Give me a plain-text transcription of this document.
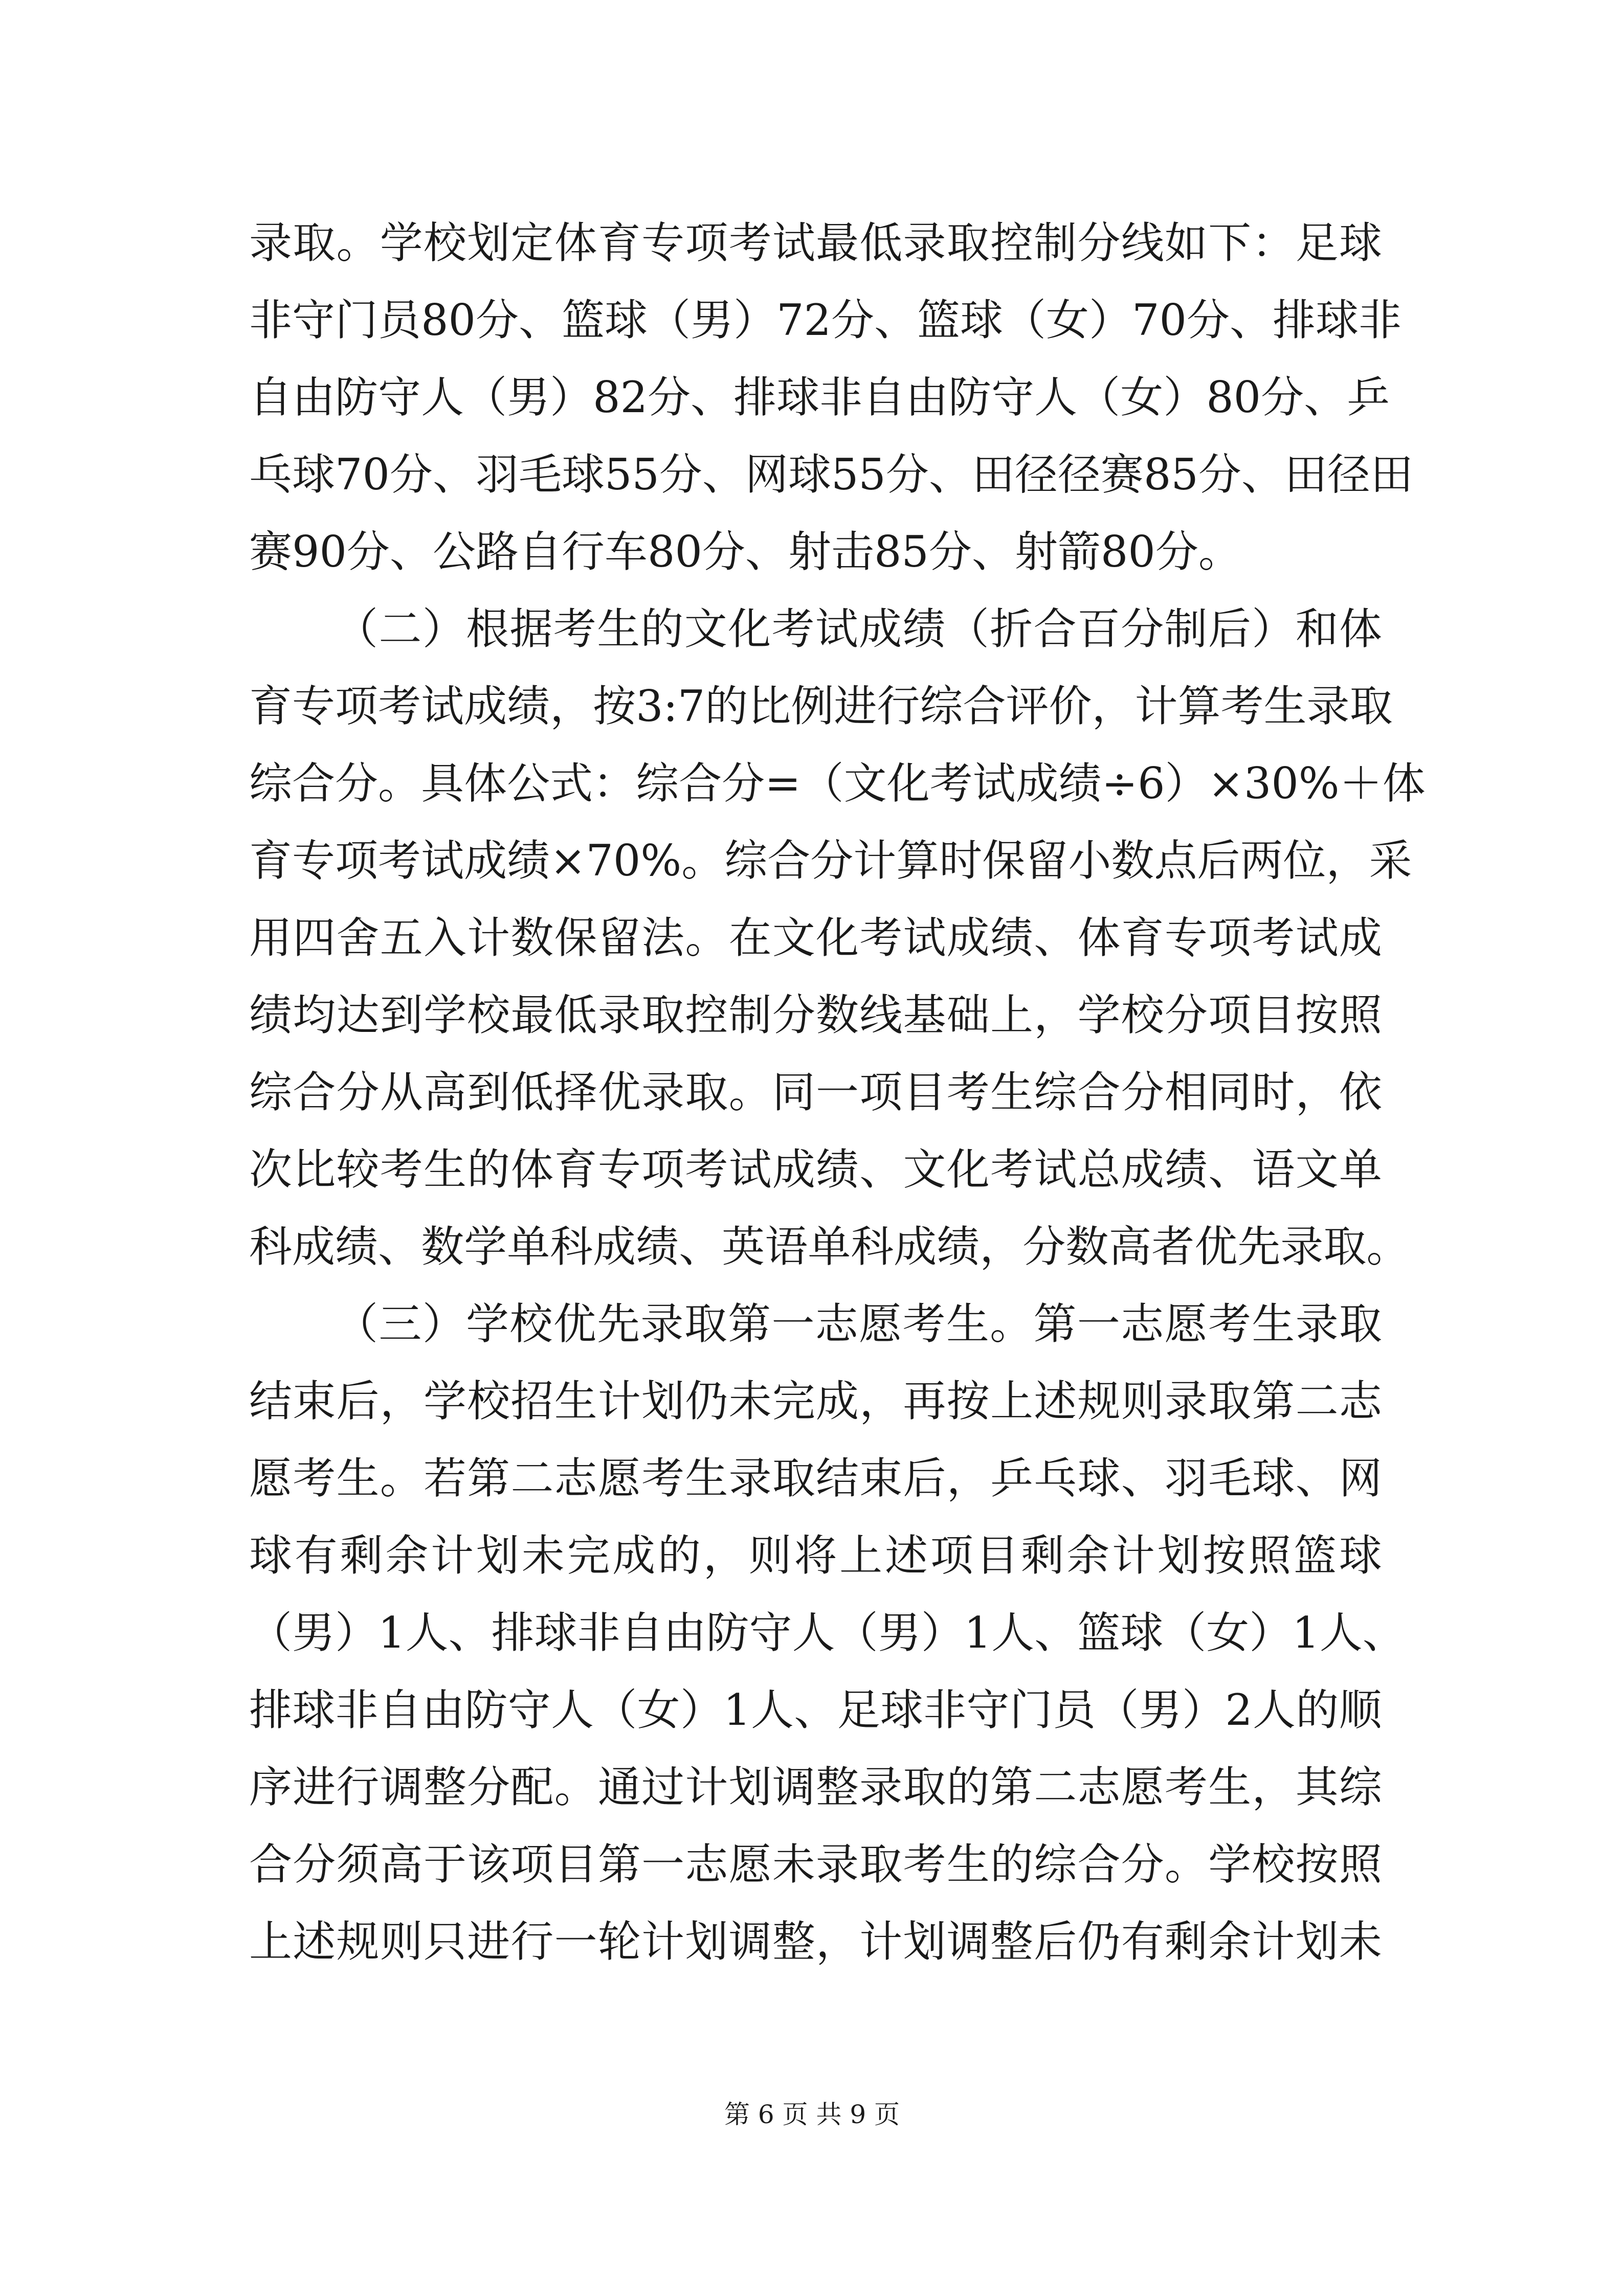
录 取 。 学 校 划 定 体 育 专 项 考 试 最 低 录 取 控 制 分 线 如 下 ： 足 球
非 守 门 员 80 分 、 篮 球 （ 男 ） 72 分 、 篮 球 （ 女 ） 70 分 、 排 球 非
自 由 防 守 人 （ 男 ） 82 分 、 排 球 非 自 由 防 守 人 （ 女 ） 80 分 、 乒
乓 球 70 分 、 羽 毛 球 55 分 、 网 球 55 分 、 田 径 径 赛 85 分 、 田 径 田
赛 90 分 、 公 路 自 行 车 80 分 、 射 击 85 分 、 射 箭 80 分 。
（ 二 ） 根 据 考 生 的 文 化 考 试 成 绩 （ 折 合 百 分 制 后 ） 和 体
育 专 项 考 试 成 绩 ， 按 3:7 的 比 例 进 行 综 合 评 价 ， 计 算 考 生 录 取
综 合 分 。 具 体 公 式 ： 综 合 分 = （ 文 化 考 试 成 绩 ÷6 ） ×30% ＋ 体
育 专 项 考 试 成 绩 ×70% 。 综 合 分 计 算 时 保 留 小 数 点 后 两 位 ， 采
用 四 舍 五 入 计 数 保 留 法 。 在 文 化 考 试 成 绩 、 体 育 专 项 考 试 成
绩 均 达 到 学 校 最 低 录 取 控 制 分 数 线 基 础 上 ， 学 校 分 项 目 按 照
综 合 分 从 高 到 低 择 优 录 取 。 同 一 项 目 考 生 综 合 分 相 同 时 ， 依
次 比 较 考 生 的 体 育 专 项 考 试 成 绩 、 文 化 考 试 总 成 绩 、 语 文 单
科 成 绩 、 数 学 单 科 成 绩 、 英 语 单 科 成 绩 ， 分 数 高 者 优 先 录 取 。
（ 三 ） 学 校 优 先 录 取 第 一 志 愿 考 生 。 第 一 志 愿 考 生 录 取
结 束 后 ， 学 校 招 生 计 划 仍 未 完 成 ， 再 按 上 述 规 则 录 取 第 二 志
愿 考 生 。 若 第 二 志 愿 考 生 录 取 结 束 后 ， 乒 乓 球 、 羽 毛 球 、 网
球 有 剩 余 计 划 未 完 成 的 ， 则 将 上 述 项 目 剩 余 计 划 按 照 篮 球
（ 男 ） 1 人 、 排 球 非 自 由 防 守 人 （ 男 ） 1 人 、 篮 球 （ 女 ） 1 人 、
排 球 非 自 由 防 守 人 （ 女 ） 1 人 、 足 球 非 守 门 员 （ 男 ） 2 人 的 顺
序 进 行 调 整 分 配 。 通 过 计 划 调 整 录 取 的 第 二 志 愿 考 生 ， 其 综
合 分 须 高 于 该 项 目 第 一 志 愿 未 录 取 考 生 的 综 合 分 。 学 校 按 照
上 述 规 则 只 进 行 一 轮 计 划 调 整 ， 计 划 调 整 后 仍 有 剩 余 计 划 未
第 6 页 共 9 页
